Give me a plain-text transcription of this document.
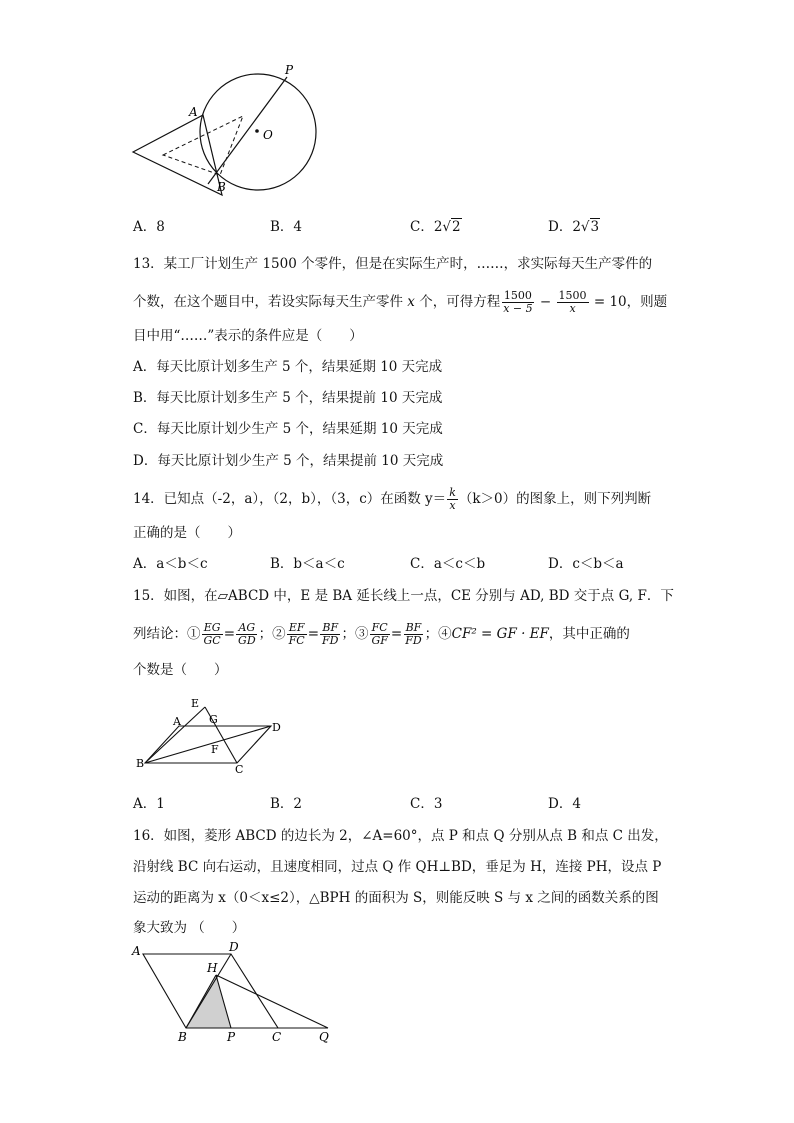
P
A
O
B
A．8	B．4	C．2√2	D．2√3
13．某工厂计划生产 1500 个零件，但是在实际生产时，……，求实际每天生产零件的
个数，在这个题目中，若设实际每天生产零件 x 个，可得方程 $\frac{1500}{x - 5} - \frac{1500}{x} = 10$，则题
目中用“……”表示的条件应是（　　）
A．每天比原计划多生产 5 个，结果延期 10 天完成
B．每天比原计划多生产 5 个，结果提前 10 天完成
C．每天比原计划少生产 5 个，结果延期 10 天完成
D．每天比原计划少生产 5 个，结果提前 10 天完成
14．已知点（-2，a），（2，b），（3，c）在函数 $y= \frac{k}{x} (k>0)$的图象上，则下列判断
正确的是（　　）
A．a＜b＜c	B．b＜a＜c	C．a＜c＜b	D．c＜b＜a
15．如图，在▱ABCD 中，E 是 BA 延长线上一点，CE 分别与 AD, BD 交于点 G, F．下
列结论：① $\frac{EG}{GC} = \frac{AG}{GD}$ ；② $\frac{EF}{FC} = \frac{BF}{FD}$ ；③ $\frac{FC}{GF} = \frac{BF}{FD}$ ；④CF² = GF · EF，其中正确的
个数是（　　）
E
A	G
D
F
B	C
A．1	B．2	C．3	D．4
16．如图，菱形 ABCD 的边长为 2，∠A=60°，点 P 和点 Q 分别从点 B 和点 C 出发，
沿射线 BC 向右运动，且速度相同，过点 Q 作 QH⊥BD，垂足为 H，连接 PH，设点 P
运动的距离为 x（0＜x≤2），△BPH 的面积为 S，则能反映 S 与 x 之间的函数关系的图
象大致为 （　　）
A	D
H
B	P	C	Q
